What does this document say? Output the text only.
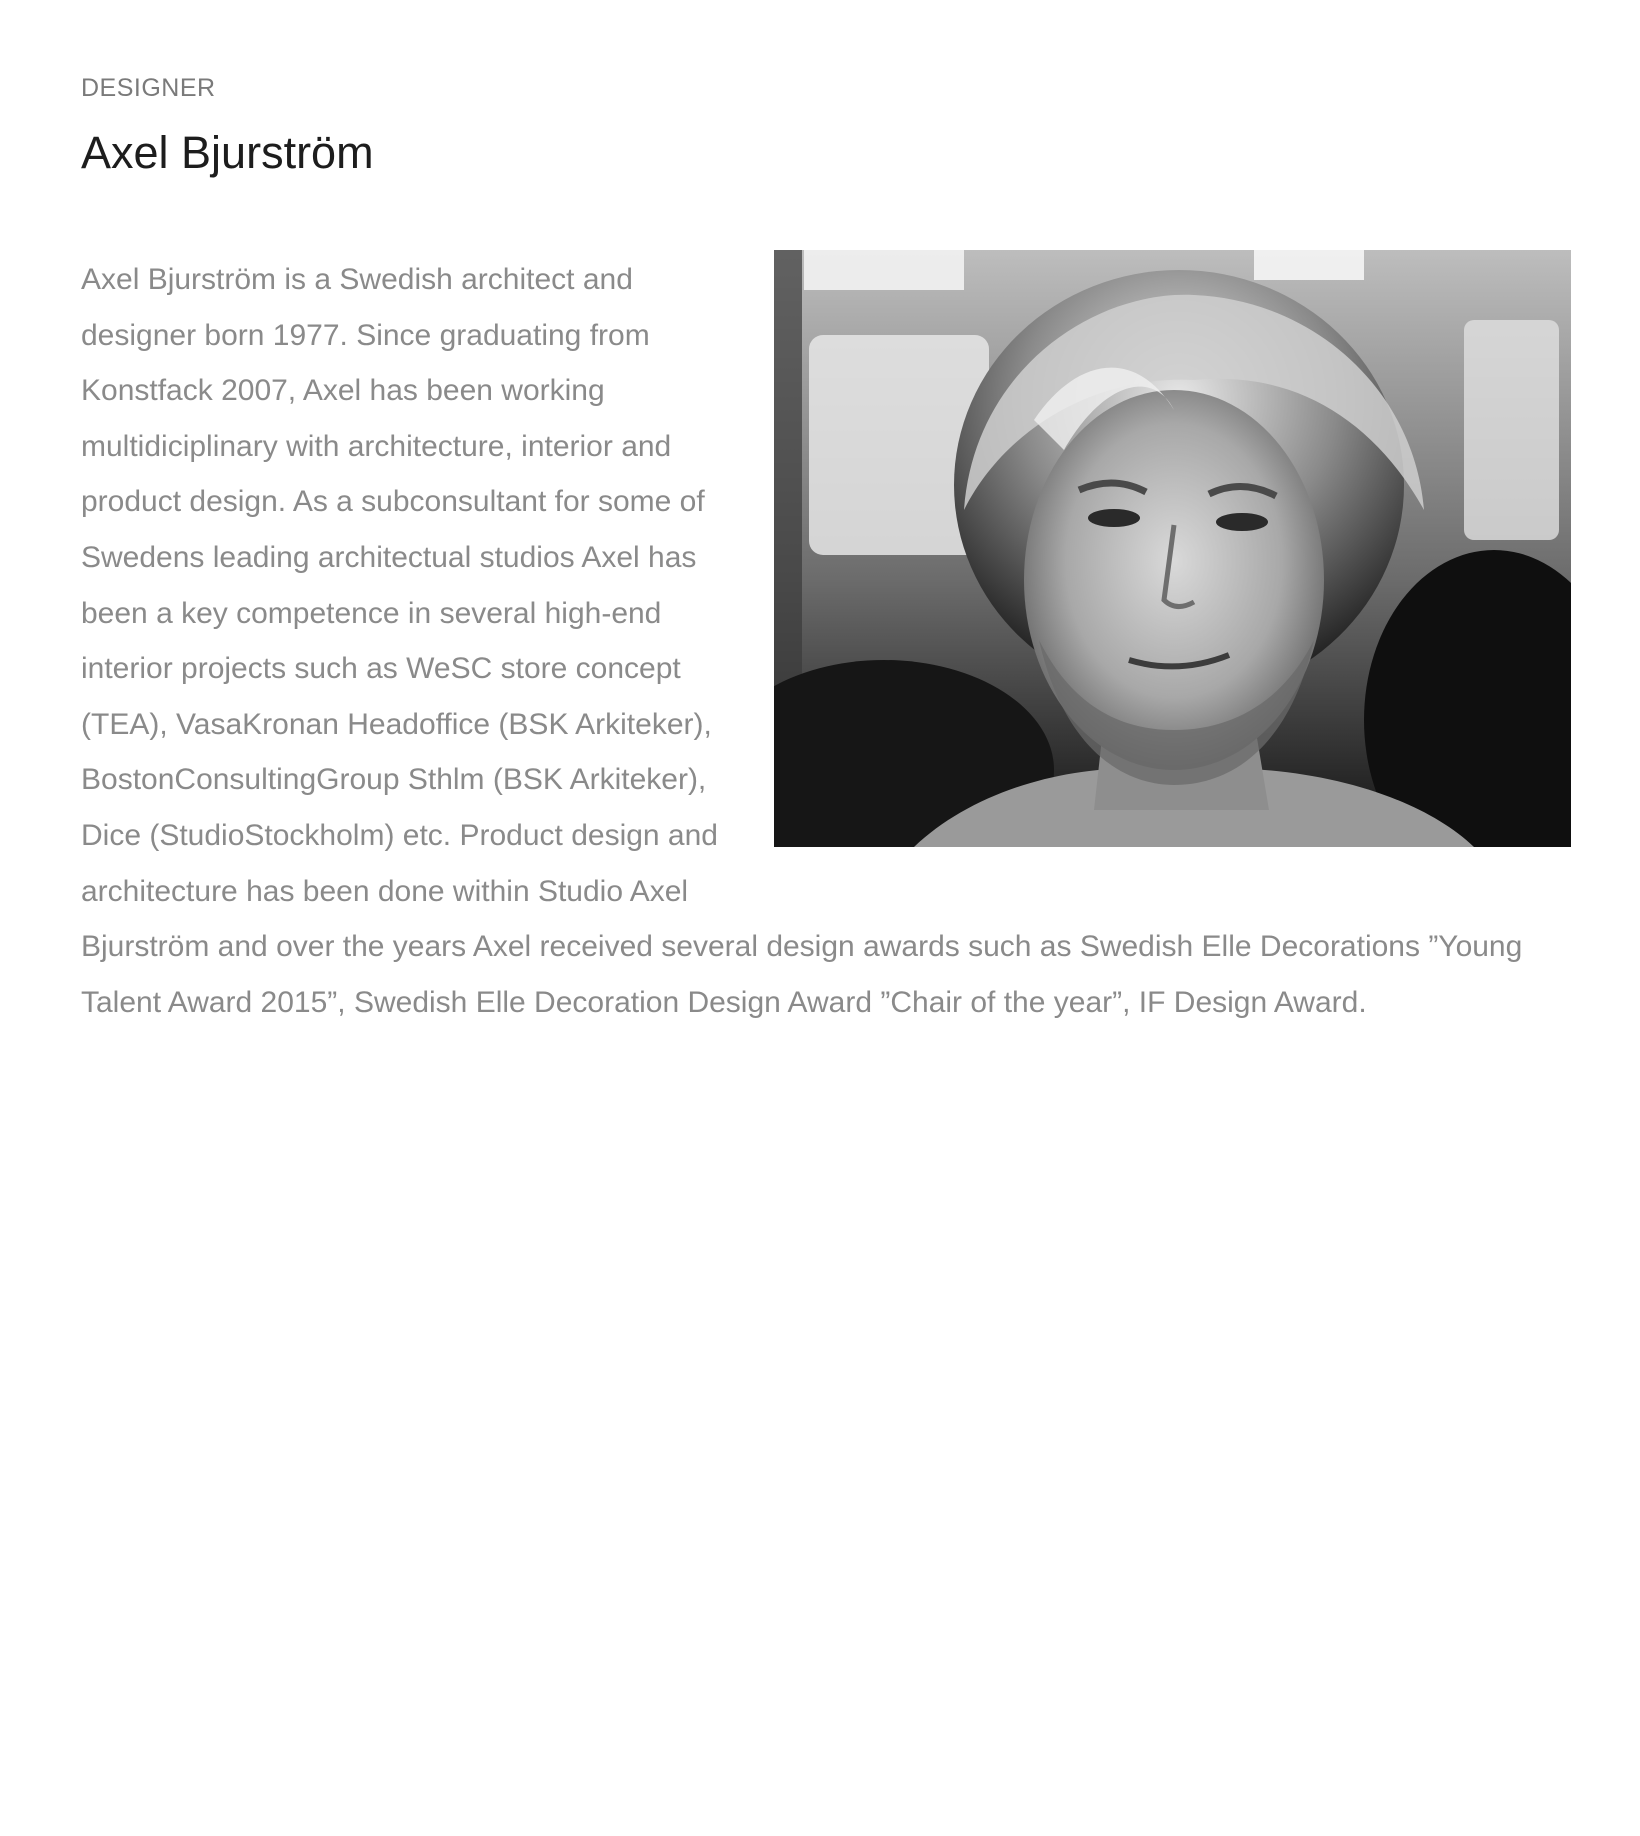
DESIGNER

Axel Bjurström
Axel Bjurström is a Swedish architect and designer born 1977. Since graduating from Konstfack 2007, Axel has been working multidiciplinary with architecture, interior and product design. As a subconsultant for some of Swedens leading architectual studios Axel has been a key competence in several high-end interior projects such as WeSC store concept (TEA), VasaKronan Headoffice (BSK Arkiteker), BostonConsultingGroup Sthlm (BSK Arkiteker), Dice (StudioStockholm) etc. Product design and architecture has been done within Studio Axel Bjurström and over the years Axel received several design awards such as Swedish Elle Decorations ”Young Talent Award 2015”, Swedish Elle Decoration Design Award ”Chair of the year”, IF Design Award.
